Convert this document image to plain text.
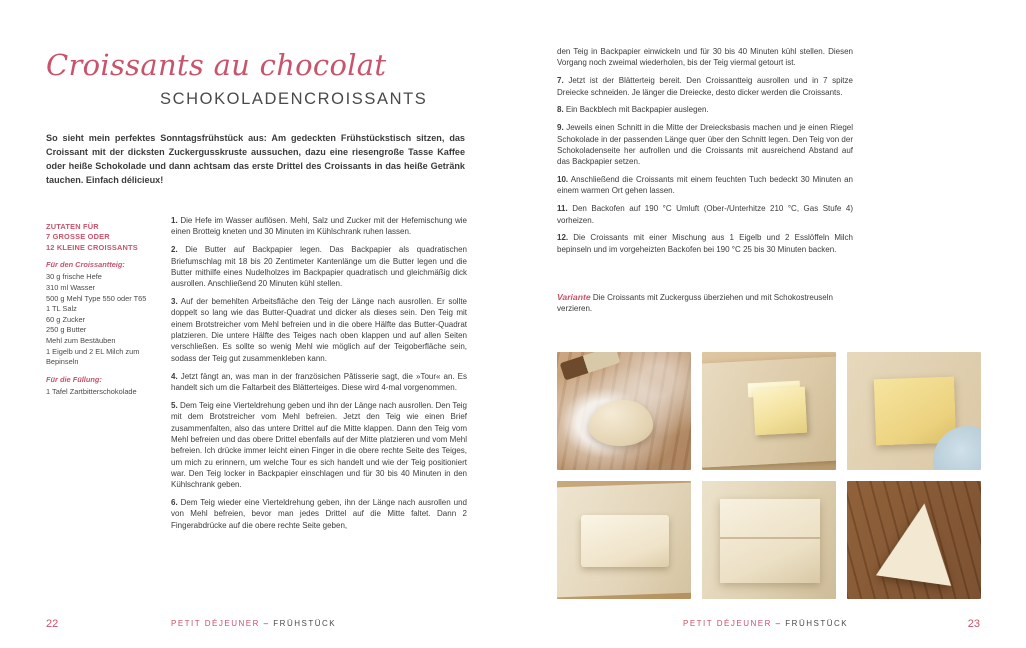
Croissants au chocolat
SCHOKOLADENCROISSANTS
So sieht mein perfektes Sonntagsfrühstück aus: Am gedeckten Frühstückstisch sitzen, das Croissant mit der dicksten Zuckergusskruste aussuchen, dazu eine riesengroße Tasse Kaffee oder heiße Schokolade und dann achtsam das erste Drittel des Croissants in das heiße Getränk tauchen. Einfach délicieux!
ZUTATEN FÜR
7 GROSSE ODER
12 KLEINE CROISSANTS
Für den Croissantteig:
30 g frische Hefe
310 ml Wasser
500 g Mehl Type 550 oder T65
1 TL Salz
60 g Zucker
250 g Butter
Mehl zum Bestäuben
1 Eigelb und 2 EL Milch zum
Bepinseln
Für die Füllung:
1 Tafel Zartbitterschokolade
1. Die Hefe im Wasser auflösen. Mehl, Salz und Zucker mit der Hefemischung wie einen Brotteig kneten und 30 Minuten im Kühlschrank ruhen lassen.
2. Die Butter auf Backpapier legen. Das Backpapier als quadratischen Briefumschlag mit 18 bis 20 Zentimeter Kantenlänge um die Butter legen und die Butter mithilfe eines Nudelholzes im Backpapier quadratisch und gleichmäßig dick ausrollen. Anschließend 20 Minuten kühl stellen.
3. Auf der bemehlten Arbeitsfläche den Teig der Länge nach ausrollen. Er sollte doppelt so lang wie das Butter-Quadrat und dicker als dieses sein. Den Teig mit einem Brotstreicher vom Mehl befreien und in die obere Hälfte das Butter-Quadrat platzieren. Die untere Hälfte des Teiges nach oben klappen und auf allen Seiten verschließen. Es sollte so wenig Mehl wie möglich auf der Teigoberfläche sein, sodass der Teig gut zusammenkleben kann.
4. Jetzt fängt an, was man in der französichen Pâtisserie sagt, die »Tour« an. Es handelt sich um die Faltarbeit des Blätterteiges. Diese wird 4-mal vorgenommen.
5. Dem Teig eine Vierteldrehung geben und ihn der Länge nach ausrollen. Den Teig mit dem Brotstreicher vom Mehl befreien. Jetzt den Teig wie einen Brief zusammenfalten, also das untere Drittel auf die Mitte klappen. Dann den Teig vom Mehl befreien und das obere Drittel ebenfalls auf der Mitte platzieren und vom Mehl befreien. Ich drücke immer leicht einen Finger in die obere rechte Seite des Teiges, um mich zu erinnern, um welche Tour es sich handelt und wie der Teig positioniert war. Den Teig locker in Backpapier einschlagen und für 30 bis 40 Minuten in den Kühlschrank geben.
6. Dem Teig wieder eine Vierteldrehung geben, ihn der Länge nach ausrollen und von Mehl befreien, bevor man jedes Drittel auf die Mitte faltet. Dann 2 Fingerabdrücke auf die obere rechte Seite geben,
22	PETIT DÉJEUNER – FRÜHSTÜCK
den Teig in Backpapier einwickeln und für 30 bis 40 Minuten kühl stellen. Diesen Vorgang noch zweimal wiederholen, bis der Teig viermal getourt ist.
7. Jetzt ist der Blätterteig bereit. Den Croissantteig ausrollen und in 7 spitze Dreiecke schneiden. Je länger die Dreiecke, desto dicker werden die Croissants.
8. Ein Backblech mit Backpapier auslegen.
9. Jeweils einen Schnitt in die Mitte der Dreiecksbasis machen und je einen Riegel Schokolade in der passenden Länge quer über den Schnitt legen. Den Teig von der Schokoladenseite her aufrollen und die Croissants mit ausreichend Abstand auf das Backpapier setzen.
10. Anschließend die Croissants mit einem feuchten Tuch bedeckt 30 Minuten an einem warmen Ort gehen lassen.
11. Den Backofen auf 190 °C Umluft (Ober-/Unterhitze 210 °C, Gas Stufe 4) vorheizen.
12. Die Croissants mit einer Mischung aus 1 Eigelb und 2 Esslöffeln Milch bepinseln und im vorgeheizten Backofen bei 190 °C 25 bis 30 Minuten backen.
Variante Die Croissants mit Zuckerguss überziehen und mit Schokostreuseln verzieren.
23
PETIT DÉJEUNER – FRÜHSTÜCK
